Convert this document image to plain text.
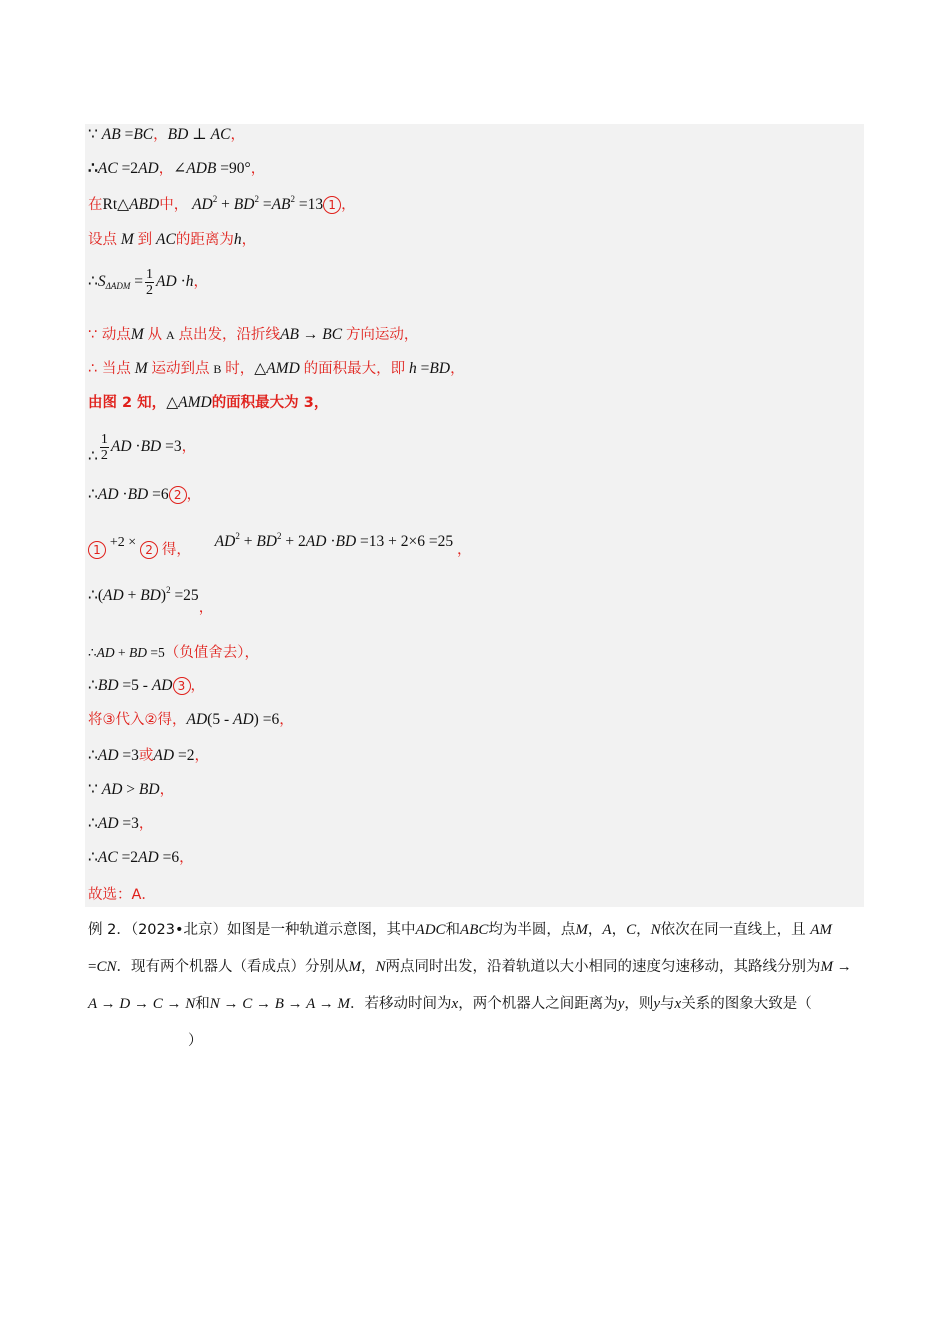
∵ AB =BC，BD ⊥ AC，
∴AC =2AD，∠ADB =90°，
在Rt△ABD中， $AD^2 + BD^2 =AB^2 =13$ 1 ，
设点 M 到 AC的距离为h，
$\therefore S_{\Delta ADM} = \frac{1}{2}$ AD ·h，
∵ 动点M 从 A 点出发，沿折线AB → BC 方向运动，
∴ 当点 M 运动到点 B 时，△AMD 的面积最大，即 h =BD，
由图 2 知，△AMD的面积最大为 3，
∴ $\frac{1}{2}$ AD ·BD =3，
∴AD ·BD =6 2 ，
1 +2 × 2 得， $AD^2 + BD^2 + 2AD \cdot BD =13 + 2\times 6 =25$ ，
∴(AD + BD)$^2$ =25，
∴AD + BD =5（负值舍去），
∴BD =5 - AD 3 ，
将③代入②得，AD(5 - AD) =6，
∴AD =3或AD =2，
∵ AD > BD，
∴AD =3，
∴AC =2AD =6，
故选：A．
例 2．（2023•北京）如图是一种轨道示意图，其中ADC和ABC均为半圆，点M，A，C，N依次在同一直线上，且 AM =CN．现有两个机器人（看成点）分别从M，N两点同时出发，沿着轨道以大小相同的速度匀速移动，其路线分别为M → A → D → C → N和N → C → B → A → M．若移动时间为x，两个机器人之间距离为y，则y与x关系的图象大致是（）
